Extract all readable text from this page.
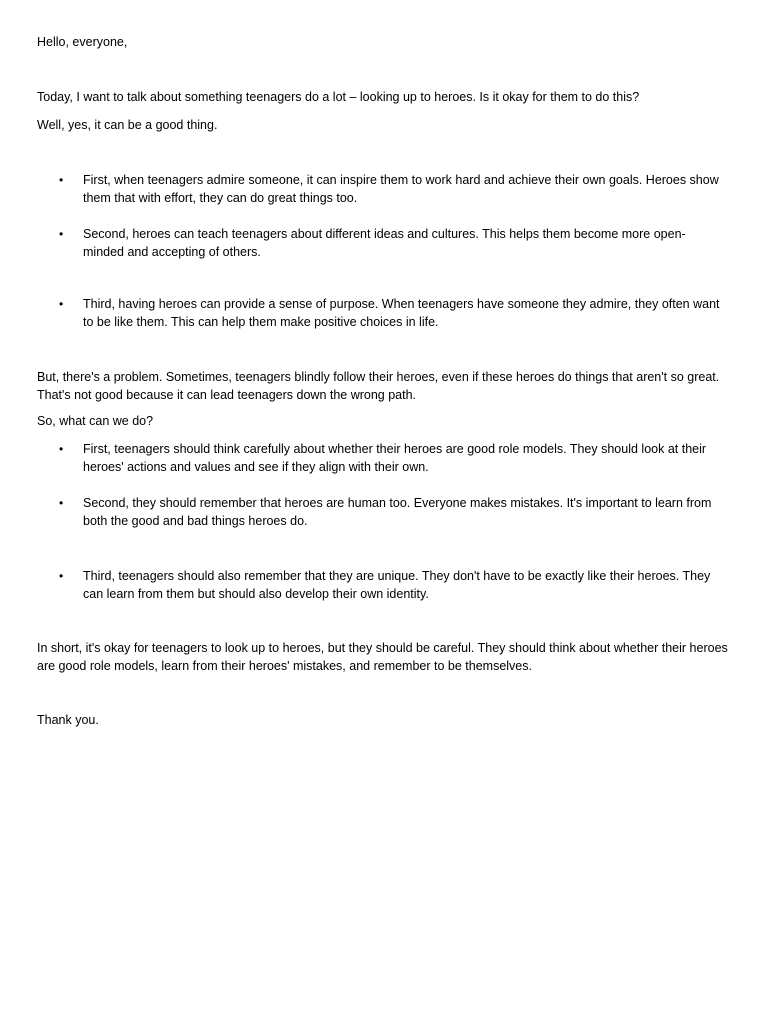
Hello, everyone,

Today, I want to talk about something teenagers do a lot – looking up to heroes. Is it okay for them to do this?

Well, yes, it can be a good thing.

•	First, when teenagers admire someone, it can inspire them to work hard and achieve their own goals. Heroes show them that with effort, they can do great things too.

•	Second, heroes can teach teenagers about different ideas and cultures. This helps them become more open-minded and accepting of others.

•	Third, having heroes can provide a sense of purpose. When teenagers have someone they admire, they often want to be like them. This can help them make positive choices in life.

But, there's a problem. Sometimes, teenagers blindly follow their heroes, even if these heroes do things that aren't so great. That's not good because it can lead teenagers down the wrong path.

So, what can we do?

•	First, teenagers should think carefully about whether their heroes are good role models. They should look at their heroes' actions and values and see if they align with their own.

•	Second, they should remember that heroes are human too. Everyone makes mistakes. It's important to learn from both the good and bad things heroes do.

•	Third, teenagers should also remember that they are unique. They don't have to be exactly like their heroes. They can learn from them but should also develop their own identity.

In short, it's okay for teenagers to look up to heroes, but they should be careful. They should think about whether their heroes are good role models, learn from their heroes' mistakes, and remember to be themselves.

Thank you.
